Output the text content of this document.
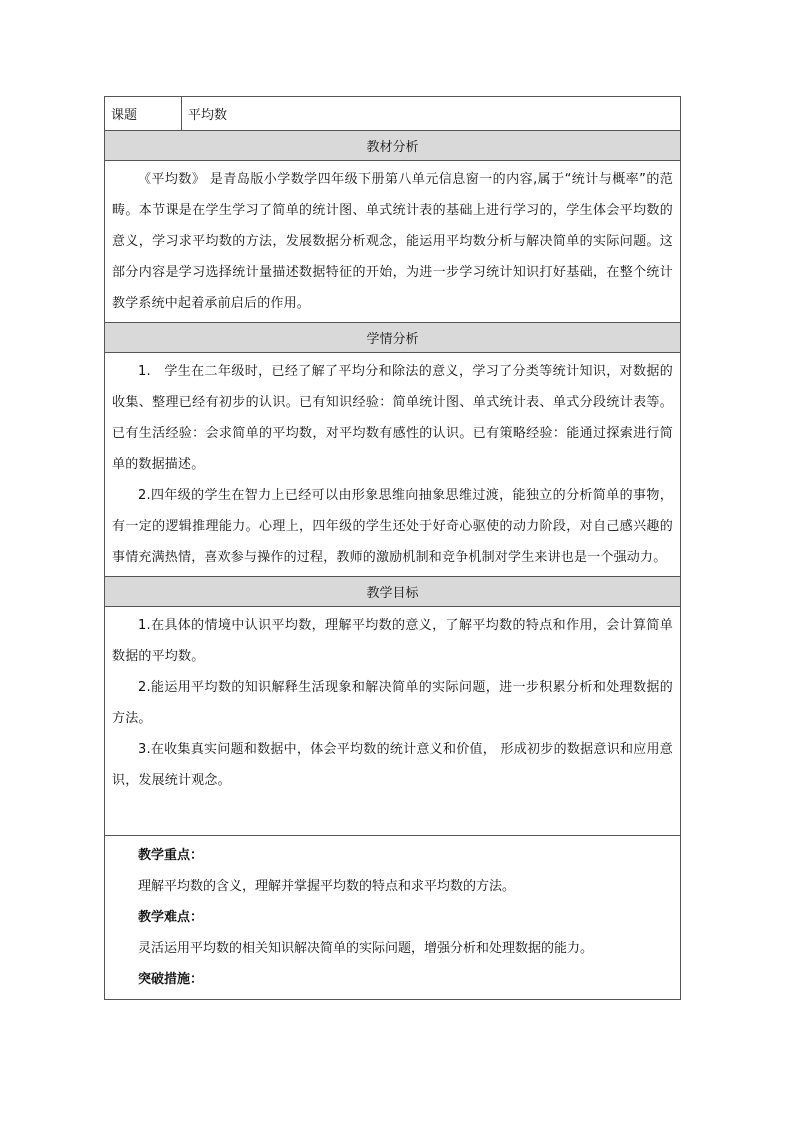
课题	平均数
教材分析

《平均数》 是青岛版小学数学四年级下册第八单元信息窗一的内容,属于“统计与概率”的范畴。本节课是在学生学习了简单的统计图、单式统计表的基础上进行学习的，学生体会平均数的意义，学习求平均数的方法，发展数据分析观念，能运用平均数分析与解决简单的实际问题。这部分内容是学习选择统计量描述数据特征的开始，为进一步学习统计知识打好基础，在整个统计教学系统中起着承前启后的作用。

学情分析

1.　学生在二年级时，已经了解了平均分和除法的意义，学习了分类等统计知识，对数据的收集、整理已经有初步的认识。已有知识经验：简单统计图、单式统计表、单式分段统计表等。已有生活经验：会求简单的平均数，对平均数有感性的认识。已有策略经验：能通过探索进行简单的数据描述。

2.四年级的学生在智力上已经可以由形象思维向抽象思维过渡，能独立的分析简单的事物，有一定的逻辑推理能力。心理上，四年级的学生还处于好奇心驱使的动力阶段，对自己感兴趣的事情充满热情，喜欢参与操作的过程，教师的激励机制和竞争机制对学生来讲也是一个强动力。

教学目标

1.在具体的情境中认识平均数，理解平均数的意义，了解平均数的特点和作用，会计算简单数据的平均数。

2.能运用平均数的知识解释生活现象和解决简单的实际问题，进一步积累分析和处理数据的方法。

3.在收集真实问题和数据中，体会平均数的统计意义和价值， 形成初步的数据意识和应用意识，发展统计观念。

教学重点：

理解平均数的含义，理解并掌握平均数的特点和求平均数的方法。

教学难点：

灵活运用平均数的相关知识解决简单的实际问题，增强分析和处理数据的能力。

突破措施：
